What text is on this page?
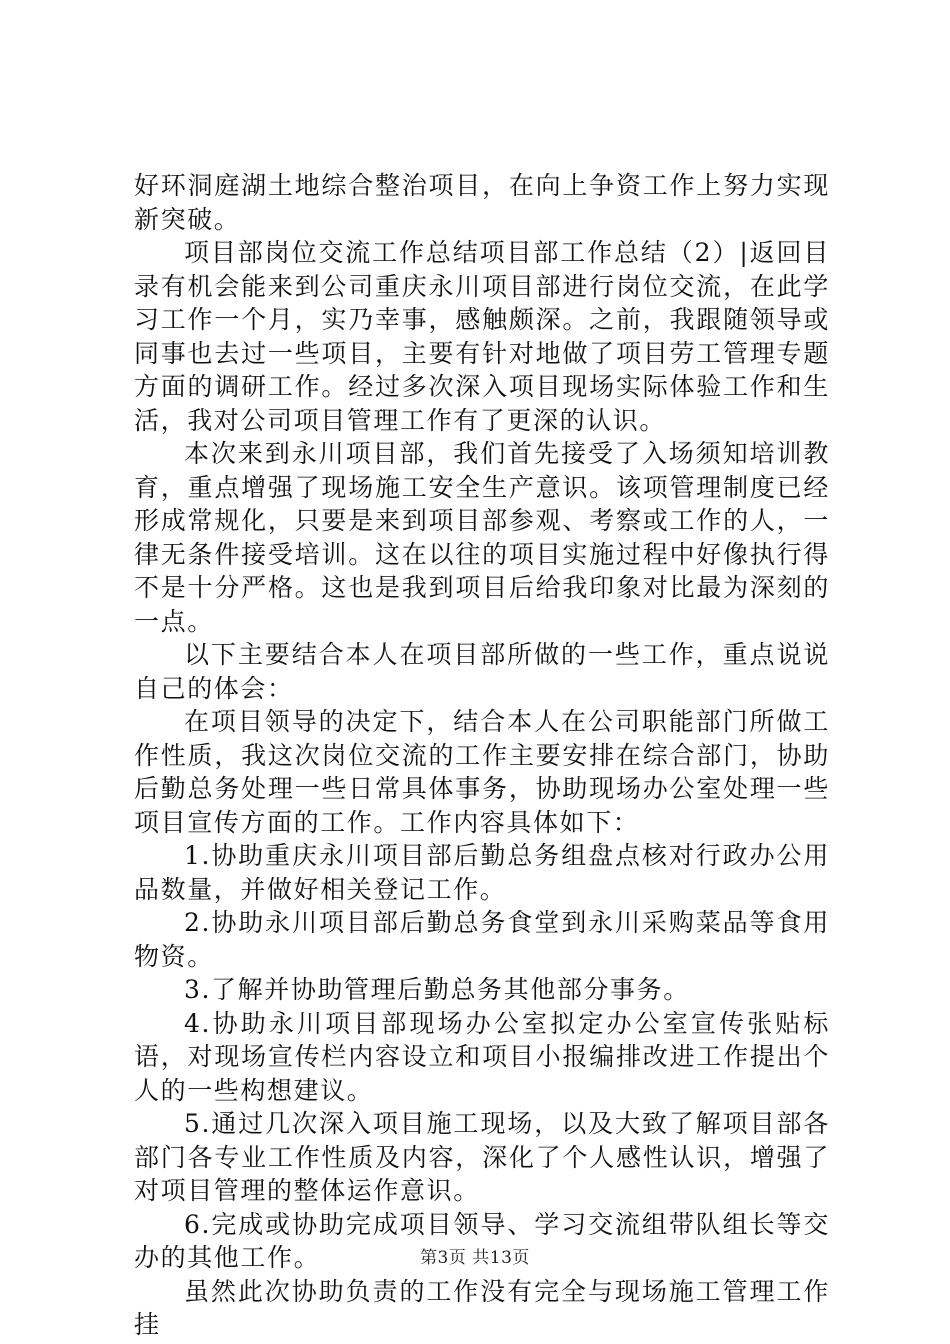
好环洞庭湖土地综合整治项目，在向上争资工作上努力实现新突破。

项目部岗位交流工作总结项目部工作总结（2）|返回目录有机会能来到公司重庆永川项目部进行岗位交流，在此学习工作一个月，实乃幸事，感触颇深。之前，我跟随领导或同事也去过一些项目，主要有针对地做了项目劳工管理专题方面的调研工作。经过多次深入项目现场实际体验工作和生活，我对公司项目管理工作有了更深的认识。

本次来到永川项目部，我们首先接受了入场须知培训教育，重点增强了现场施工安全生产意识。该项管理制度已经形成常规化，只要是来到项目部参观、考察或工作的人，一律无条件接受培训。这在以往的项目实施过程中好像执行得不是十分严格。这也是我到项目后给我印象对比最为深刻的一点。

以下主要结合本人在项目部所做的一些工作，重点说说自己的体会：

在项目领导的决定下，结合本人在公司职能部门所做工作性质，我这次岗位交流的工作主要安排在综合部门，协助后勤总务处理一些日常具体事务，协助现场办公室处理一些项目宣传方面的工作。工作内容具体如下：

1.协助重庆永川项目部后勤总务组盘点核对行政办公用品数量，并做好相关登记工作。

2.协助永川项目部后勤总务食堂到永川采购菜品等食用物资。

3.了解并协助管理后勤总务其他部分事务。

4.协助永川项目部现场办公室拟定办公室宣传张贴标语，对现场宣传栏内容设立和项目小报编排改进工作提出个人的一些构想建议。

5.通过几次深入项目施工现场，以及大致了解项目部各部门各专业工作性质及内容，深化了个人感性认识，增强了对项目管理的整体运作意识。

6.完成或协助完成项目领导、学习交流组带队组长等交办的其他工作。

虽然此次协助负责的工作没有完全与现场施工管理工作挂

第3页 共13页
